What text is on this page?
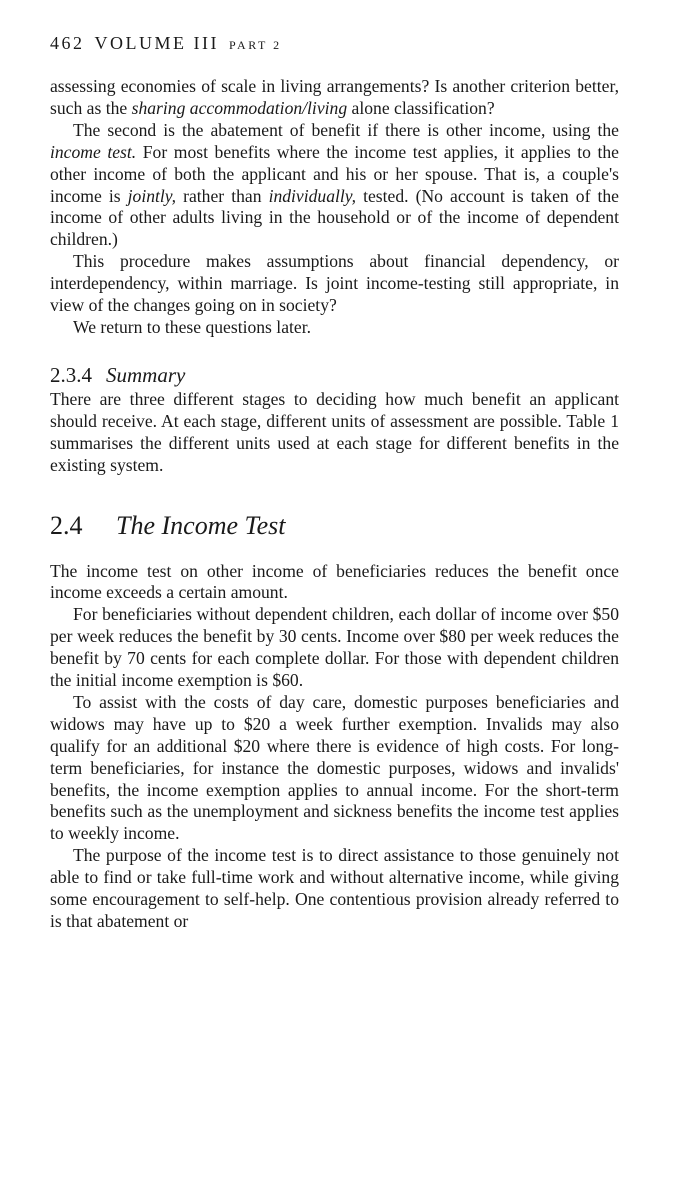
462 VOLUME III PART 2

assessing economies of scale in living arrangements? Is another criterion better, such as the sharing accommodation/living alone classification?

The second is the abatement of benefit if there is other income, using the income test. For most benefits where the income test applies, it applies to the other income of both the applicant and his or her spouse. That is, a couple's income is jointly, rather than individually, tested. (No account is taken of the income of other adults living in the household or of the income of dependent children.)

This procedure makes assumptions about financial dependency, or interdependency, within marriage. Is joint income-testing still appropriate, in view of the changes going on in society?

We return to these questions later.

2.3.4 Summary

There are three different stages to deciding how much benefit an applicant should receive. At each stage, different units of assessment are possible. Table 1 summarises the different units used at each stage for different benefits in the existing system.

2.4 The Income Test

The income test on other income of beneficiaries reduces the benefit once income exceeds a certain amount.

For beneficiaries without dependent children, each dollar of income over $50 per week reduces the benefit by 30 cents. Income over $80 per week reduces the benefit by 70 cents for each complete dollar. For those with dependent children the initial income exemption is $60.

To assist with the costs of day care, domestic purposes beneficiaries and widows may have up to $20 a week further exemption. Invalids may also qualify for an additional $20 where there is evidence of high costs. For long-term beneficiaries, for instance the domestic purposes, widows and invalids' benefits, the income exemption applies to annual income. For the short-term benefits such as the unemployment and sickness benefits the income test applies to weekly income.

The purpose of the income test is to direct assistance to those genuinely not able to find or take full-time work and without alternative income, while giving some encouragement to self-help. One contentious provision already referred to is that abatement or
